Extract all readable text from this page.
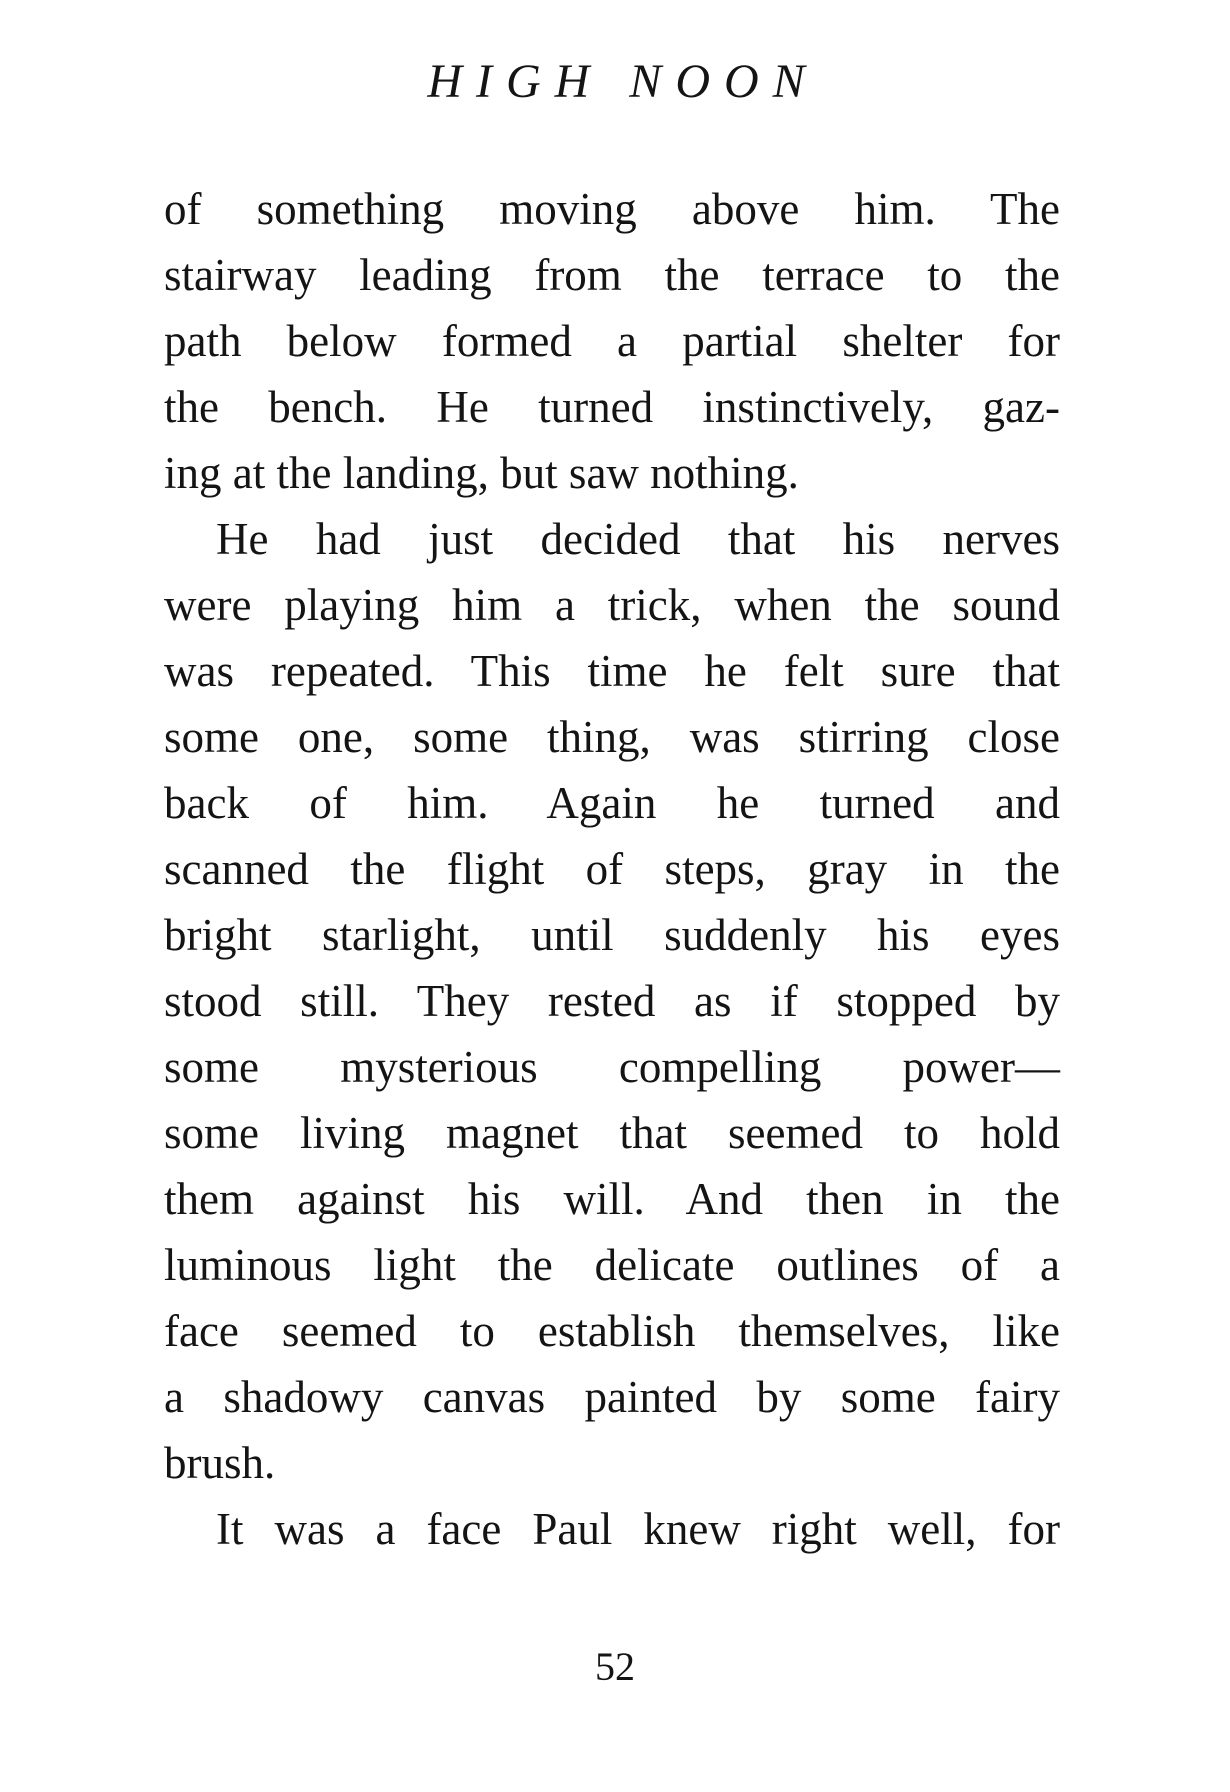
HIGH NOON
of something moving above him. The
stairway leading from the terrace to the
path below formed a partial shelter for
the bench. He turned instinctively, gaz-
ing at the landing, but saw nothing.
He had just decided that his nerves
were playing him a trick, when the sound
was repeated. This time he felt sure that
some one, some thing, was stirring close
back of him. Again he turned and
scanned the flight of steps, gray in the
bright starlight, until suddenly his eyes
stood still. They rested as if stopped by
some mysterious compelling power—
some living magnet that seemed to hold
them against his will. And then in the
luminous light the delicate outlines of a
face seemed to establish themselves, like
a shadowy canvas painted by some fairy
brush.
It was a face Paul knew right well, for
52
